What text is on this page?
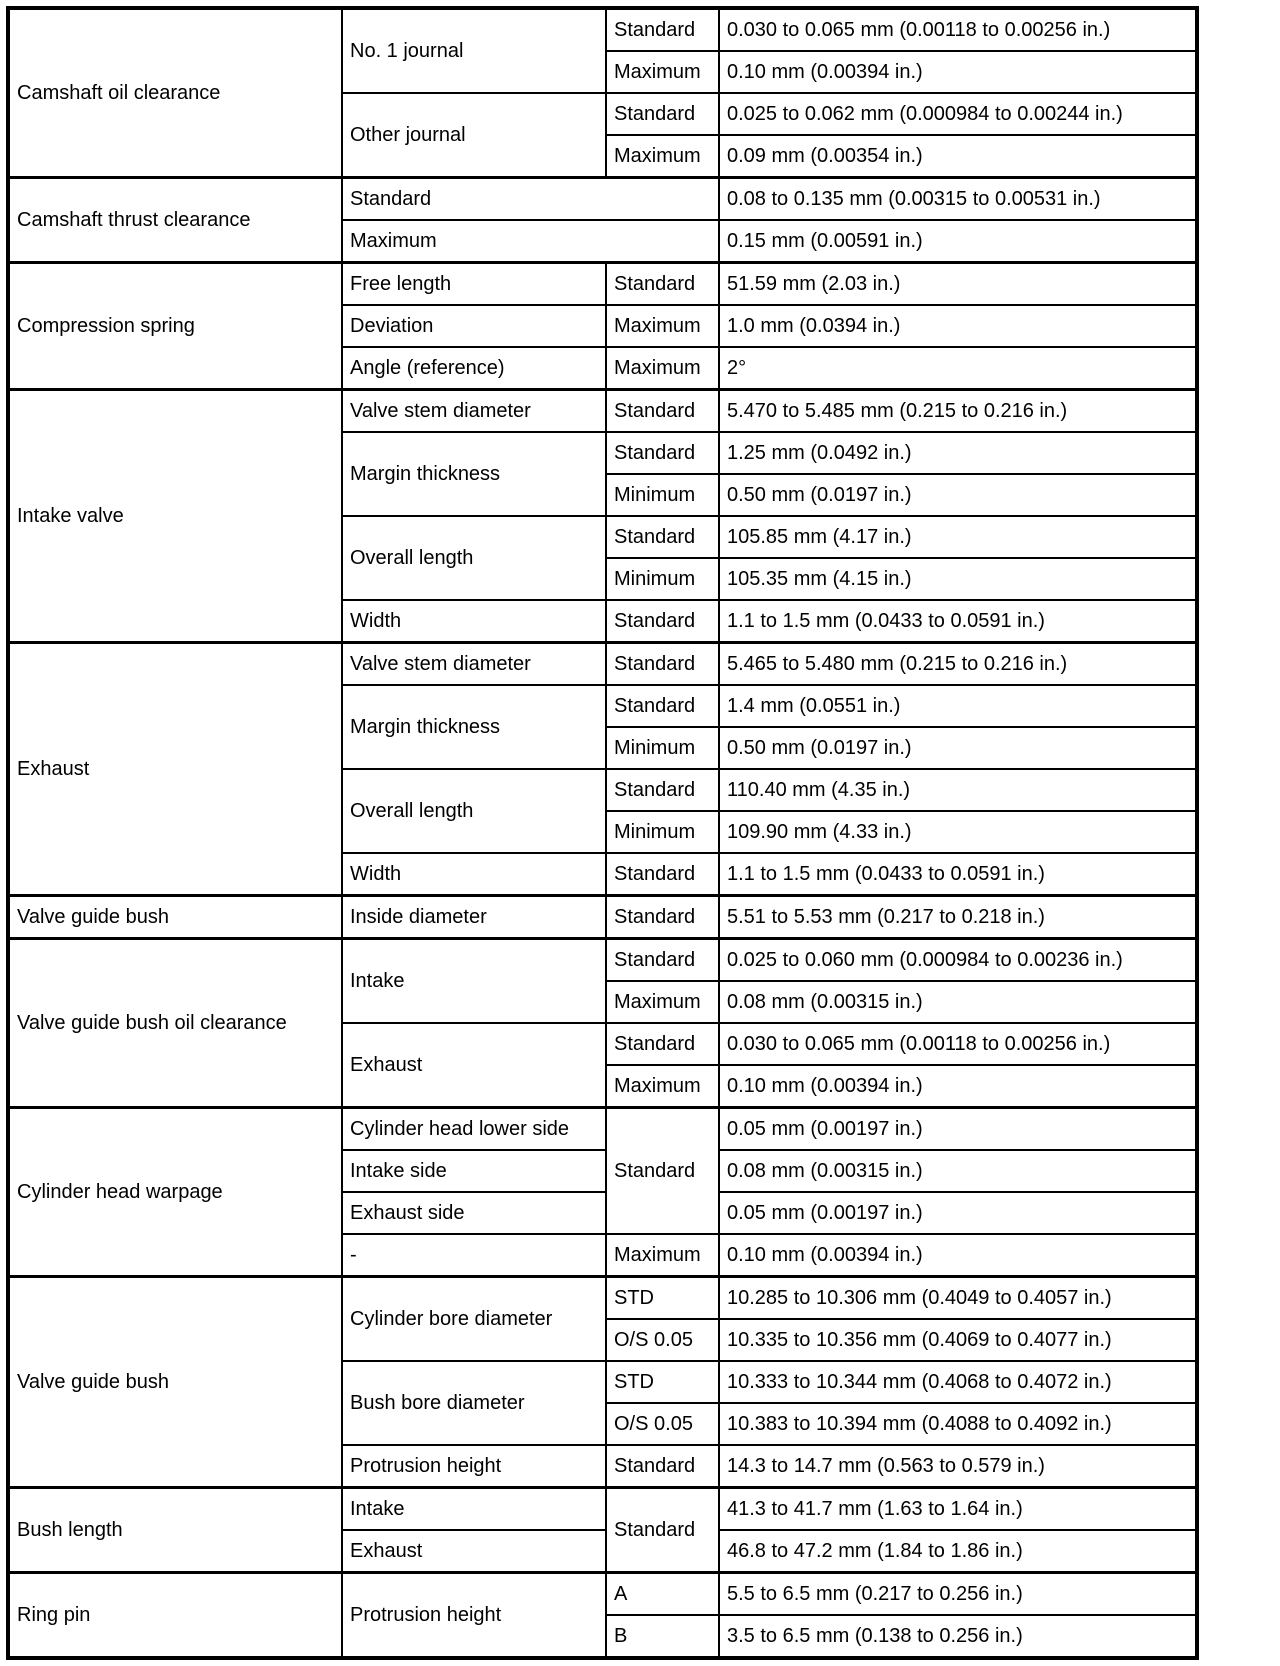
Camshaft oil clearance	No. 1 journal	Standard	0.030 to 0.065 mm (0.00118 to 0.00256 in.)
		Maximum	0.10 mm (0.00394 in.)
	Other journal	Standard	0.025 to 0.062 mm (0.000984 to 0.00244 in.)
		Maximum	0.09 mm (0.00354 in.)
Camshaft thrust clearance	Standard		0.08 to 0.135 mm (0.00315 to 0.00531 in.)
	Maximum		0.15 mm (0.00591 in.)
Compression spring	Free length	Standard	51.59 mm (2.03 in.)
	Deviation	Maximum	1.0 mm (0.0394 in.)
	Angle (reference)	Maximum	2°
Intake valve	Valve stem diameter	Standard	5.470 to 5.485 mm (0.215 to 0.216 in.)
	Margin thickness	Standard	1.25 mm (0.0492 in.)
		Minimum	0.50 mm (0.0197 in.)
	Overall length	Standard	105.85 mm (4.17 in.)
		Minimum	105.35 mm (4.15 in.)
	Width	Standard	1.1 to 1.5 mm (0.0433 to 0.0591 in.)
Exhaust	Valve stem diameter	Standard	5.465 to 5.480 mm (0.215 to 0.216 in.)
	Margin thickness	Standard	1.4 mm (0.0551 in.)
		Minimum	0.50 mm (0.0197 in.)
	Overall length	Standard	110.40 mm (4.35 in.)
		Minimum	109.90 mm (4.33 in.)
	Width	Standard	1.1 to 1.5 mm (0.0433 to 0.0591 in.)
Valve guide bush	Inside diameter	Standard	5.51 to 5.53 mm (0.217 to 0.218 in.)
Valve guide bush oil clearance	Intake	Standard	0.025 to 0.060 mm (0.000984 to 0.00236 in.)
		Maximum	0.08 mm (0.00315 in.)
	Exhaust	Standard	0.030 to 0.065 mm (0.00118 to 0.00256 in.)
		Maximum	0.10 mm (0.00394 in.)
Cylinder head warpage	Cylinder head lower side	Standard	0.05 mm (0.00197 in.)
	Intake side		0.08 mm (0.00315 in.)
	Exhaust side		0.05 mm (0.00197 in.)
	-	Maximum	0.10 mm (0.00394 in.)
Valve guide bush	Cylinder bore diameter	STD	10.285 to 10.306 mm (0.4049 to 0.4057 in.)
		O/S 0.05	10.335 to 10.356 mm (0.4069 to 0.4077 in.)
	Bush bore diameter	STD	10.333 to 10.344 mm (0.4068 to 0.4072 in.)
		O/S 0.05	10.383 to 10.394 mm (0.4088 to 0.4092 in.)
	Protrusion height	Standard	14.3 to 14.7 mm (0.563 to 0.579 in.)
Bush length	Intake	Standard	41.3 to 41.7 mm (1.63 to 1.64 in.)
	Exhaust		46.8 to 47.2 mm (1.84 to 1.86 in.)
Ring pin	Protrusion height	A	5.5 to 6.5 mm (0.217 to 0.256 in.)
		B	3.5 to 6.5 mm (0.138 to 0.256 in.)
